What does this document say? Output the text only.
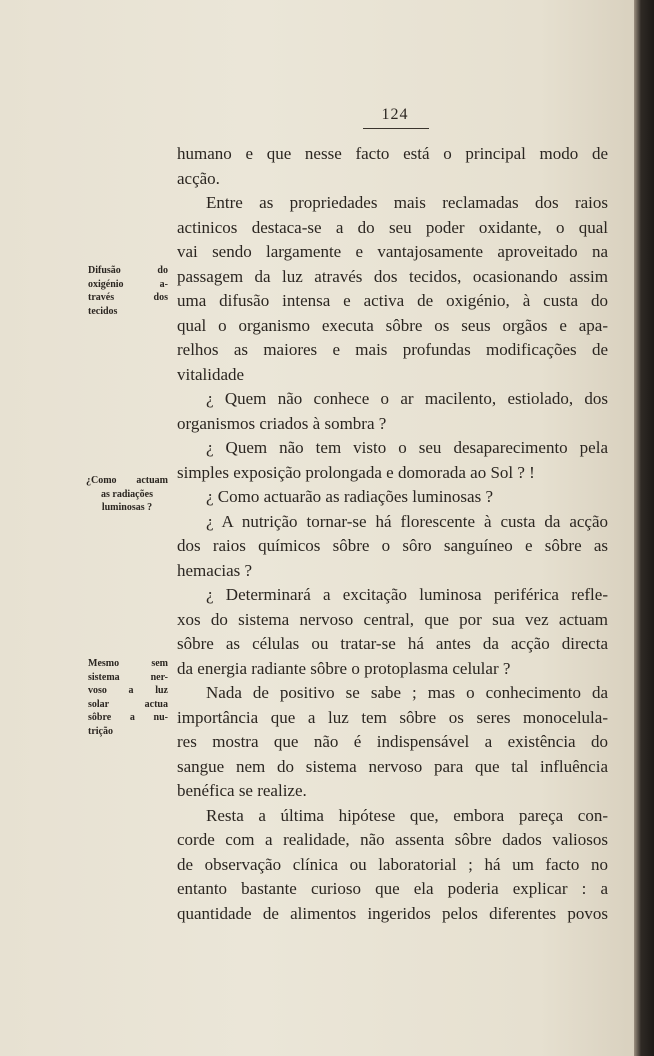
124
humano e que nesse facto está o principal modo de
acção.
Entre as propriedades mais reclamadas dos raios
actinicos destaca-se a do seu poder oxidante, o qual
vai sendo largamente e vantajosamente aproveitado na
passagem da luz através dos tecidos, ocasionando assim
uma difusão intensa e activa de oxigénio, à custa do
qual o organismo executa sôbre os seus orgãos e apa-
relhos as maiores e mais profundas modificações de
vitalidade
¿ Quem não conhece o ar macilento, estiolado, dos
organismos criados à sombra ?
¿ Quem não tem visto o seu desaparecimento pela
simples exposição prolongada e domorada ao Sol ? !
¿ Como actuarão as radiações luminosas ?
¿ A nutrição tornar-se há florescente à custa da acção
dos raios químicos sôbre o sôro sanguíneo e sôbre as
hemacias ?
¿ Determinará a excitação luminosa periférica refle-
xos do sistema nervoso central, que por sua vez actuam
sôbre as células ou tratar-se há antes da acção directa
da energia radiante sôbre o protoplasma celular ?
Nada de positivo se sabe ; mas o conhecimento da
importância que a luz tem sôbre os seres monocelula-
res mostra que não é indispensável a existência do
sangue nem do sistema nervoso para que tal influência
benéfica se realize.
Resta a última hipótese que, embora pareça con-
corde com a realidade, não assenta sôbre dados valiosos
de observação clínica ou laboratorial ; há um facto no
entanto bastante curioso que ela poderia explicar : a
quantidade de alimentos ingeridos pelos diferentes povos
Difusão do
oxigénio a-
través dos
tecidos
¿Como actuam
as radiações
luminosas ?
Mesmo sem
sistema ner-
voso a luz
solar actua
sôbre a nu-
trição
